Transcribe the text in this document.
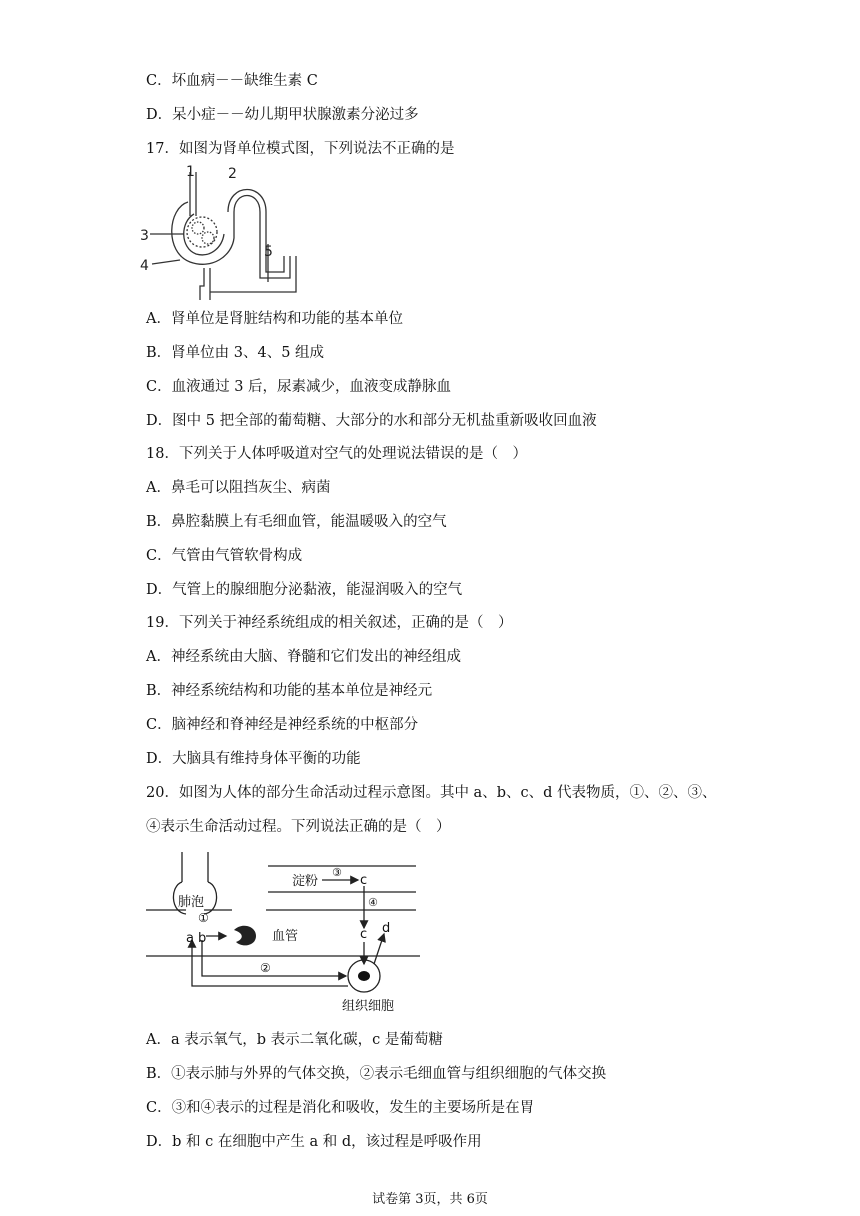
C．坏血病－－缺维生素 C
D．呆小症－－幼儿期甲状腺激素分泌过多
17．如图为肾单位模式图，下列说法不正确的是
1 2
3
4
5
A．肾单位是肾脏结构和功能的基本单位
B．肾单位由 3、4、5 组成
C．血液通过 3 后，尿素减少，血液变成静脉血
D．图中 5 把全部的葡萄糖、大部分的水和部分无机盐重新吸收回血液
18．下列关于人体呼吸道对空气的处理说法错误的是（　）
A．鼻毛可以阻挡灰尘、病菌
B．鼻腔黏膜上有毛细血管，能温暖吸入的空气
C．气管由气管软骨构成
D．气管上的腺细胞分泌黏液，能湿润吸入的空气
19．下列关于神经系统组成的相关叙述，正确的是（　）
A．神经系统由大脑、脊髓和它们发出的神经组成
B．神经系统结构和功能的基本单位是神经元
C．脑神经和脊神经是神经系统的中枢部分
D．大脑具有维持身体平衡的功能
20．如图为人体的部分生命活动过程示意图。其中 a、b、c、d 代表物质，①、②、③、
④表示生命活动过程。下列说法正确的是（　）
肺泡
①
淀粉
③
c
④
c d
血管
a b
②
组织细胞
A．a 表示氧气，b 表示二氧化碳，c 是葡萄糖
B．①表示肺与外界的气体交换，②表示毛细血管与组织细胞的气体交换
C．③和④表示的过程是消化和吸收，发生的主要场所是在胃
D．b 和 c 在细胞中产生 a 和 d，该过程是呼吸作用
试卷第 3页，共 6页
